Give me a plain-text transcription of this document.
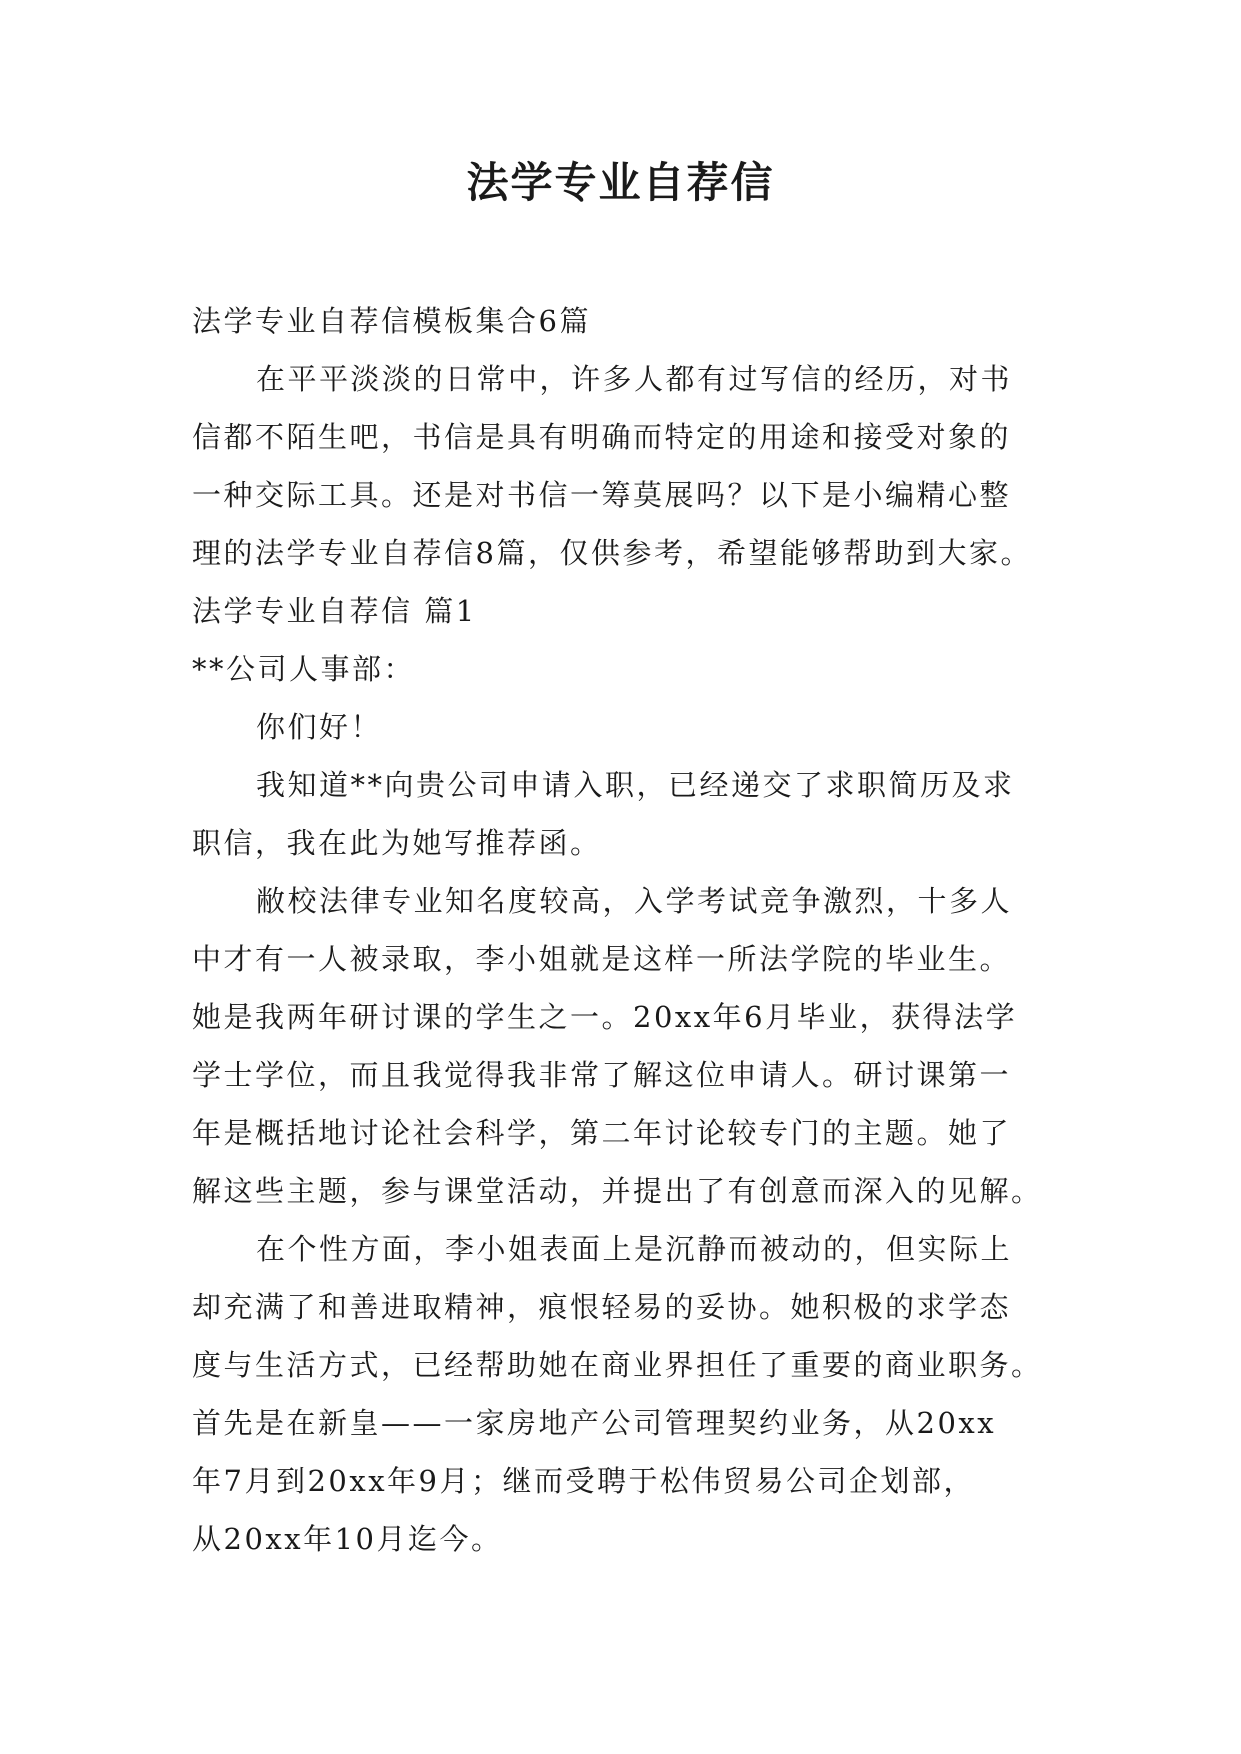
法学专业自荐信
法学专业自荐信模板集合6篇
在平平淡淡的日常中，许多人都有过写信的经历，对书
信都不陌生吧，书信是具有明确而特定的用途和接受对象的
一种交际工具。还是对书信一筹莫展吗？以下是小编精心整
理的法学专业自荐信8篇，仅供参考，希望能够帮助到大家。
法学专业自荐信 篇1
**公司人事部：
你们好！
我知道**向贵公司申请入职，已经递交了求职简历及求
职信，我在此为她写推荐函。
敝校法律专业知名度较高，入学考试竞争激烈，十多人
中才有一人被录取，李小姐就是这样一所法学院的毕业生。
她是我两年研讨课的学生之一。20xx年6月毕业，获得法学
学士学位，而且我觉得我非常了解这位申请人。研讨课第一
年是概括地讨论社会科学，第二年讨论较专门的主题。她了
解这些主题，参与课堂活动，并提出了有创意而深入的见解。
在个性方面，李小姐表面上是沉静而被动的，但实际上
却充满了和善进取精神，痕恨轻易的妥协。她积极的求学态
度与生活方式，已经帮助她在商业界担任了重要的商业职务。
首先是在新皇——一家房地产公司管理契约业务，从20xx
年7月到20xx年9月；继而受聘于松伟贸易公司企划部，
从20xx年10月迄今。
